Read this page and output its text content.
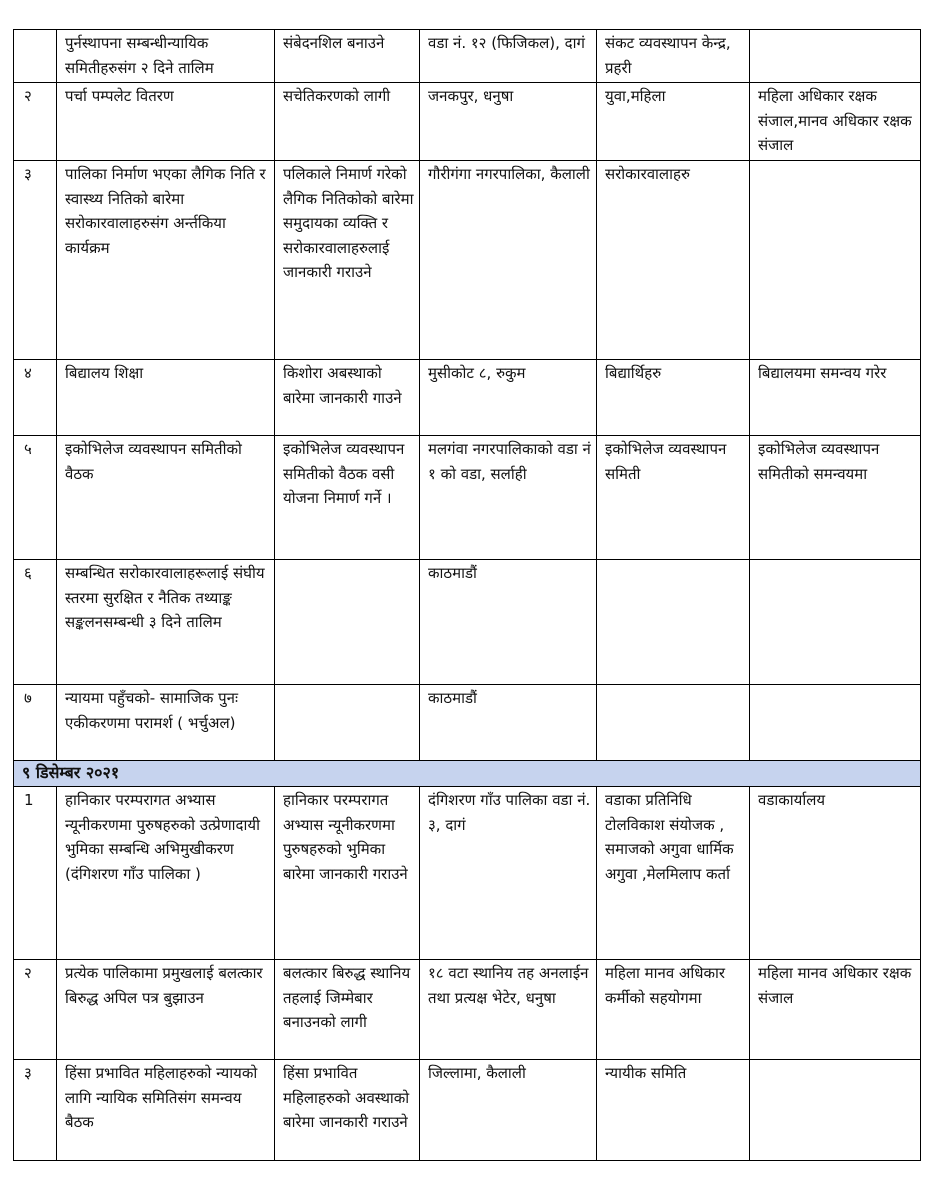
	पुर्नस्थापना सम्बन्धीन्यायिक समितीहरुसंग २ दिने तालिम	संबेदनशिल बनाउने	वडा नं. १२ (फिजिकल), दागं	संकट व्यवस्थापन केन्द्र, प्रहरी	
२	पर्चा पम्पलेट वितरण	सचेतिकरणको लागी	जनकपुर, धनुषा	युवा,महिला	महिला अधिकार रक्षक संजाल,मानव अधिकार रक्षक संजाल
३	पालिका निर्माण भएका लैगिक निति र स्वास्थ्य नितिको बारेमा सरोकारवालाहरुसंग अर्न्तकिया कार्यक्रम	पलिकाले निमार्ण गरेको लैगिक नितिकोको बारेमा समुदायका व्यक्ति र सरोकारवालाहरुलाई जानकारी गराउने	गौरीगंगा नगरपालिका, कैलाली	सरोकारवालाहरु	
४	बिद्यालय शिक्षा	किशोरा अबस्थाको बारेमा जानकारी गाउने	मुसीकोट ८, रुकुम	बिद्यार्थिहरु	बिद्यालयमा समन्वय गरेर
५	इकोभिलेज व्यवस्थापन समितीको वैठक	इकोभिलेज व्यवस्थापन समितीको वैठक वसी योजना निमार्ण गर्ने ।	मलगंवा नगरपालिकाको वडा नं १ को वडा, सर्लाही	इकोभिलेज व्यवस्थापन समिती	इकोभिलेज व्यवस्थापन समितीको समन्वयमा
६	सम्बन्धित सरोकारवालाहरूलाई संघीय स्तरमा सुरक्षित र नैतिक तथ्याङ्क सङ्कलनसम्बन्धी ३ दिने तालिम		काठमाडौं		
७	न्यायमा पहुँचको- सामाजिक पुनः एकीकरणमा परामर्श ( भर्चुअल)		काठमाडौं		
९ डिसेम्बर २०२१					
1	हानिकार परम्परागत अभ्यास न्यूनीकरणमा पुरुषहरुको उत्प्रेणादायी भुमिका सम्बन्धि अभिमुखीकरण (दंगिशरण गाँउ पालिका )	हानिकार परम्परागत अभ्यास न्यूनीकरणमा पुरुषहरुको भुमिका बारेमा जानकारी गराउने	दंगिशरण गाँउ पालिका वडा नं. ३, दागं	वडाका प्रतिनिधि टोलविकाश संयोजक , समाजको अगुवा धार्मिक अगुवा ,मेलमिलाप कर्ता	वडाकार्यालय
२	प्रत्येक पालिकामा प्रमुखलाई बलत्कार बिरुद्ध अपिल पत्र बुझाउन	बलत्कार बिरुद्ध स्थानिय तहलाई जिम्मेबार बनाउनको लागी	१८ वटा स्थानिय तह अनलाईन तथा प्रत्यक्ष भेटेर, धनुषा	महिला मानव अधिकार कर्मीको सहयोगमा	महिला मानव अधिकार रक्षक संजाल
३	हिंसा प्रभावित महिलाहरुको न्यायको लागि न्यायिक समितिसंग समन्वय बैठक	हिंसा प्रभावित महिलाहरुको अवस्थाको बारेमा जानकारी गराउने	जिल्लामा, कैलाली	न्यायीक समिति	
